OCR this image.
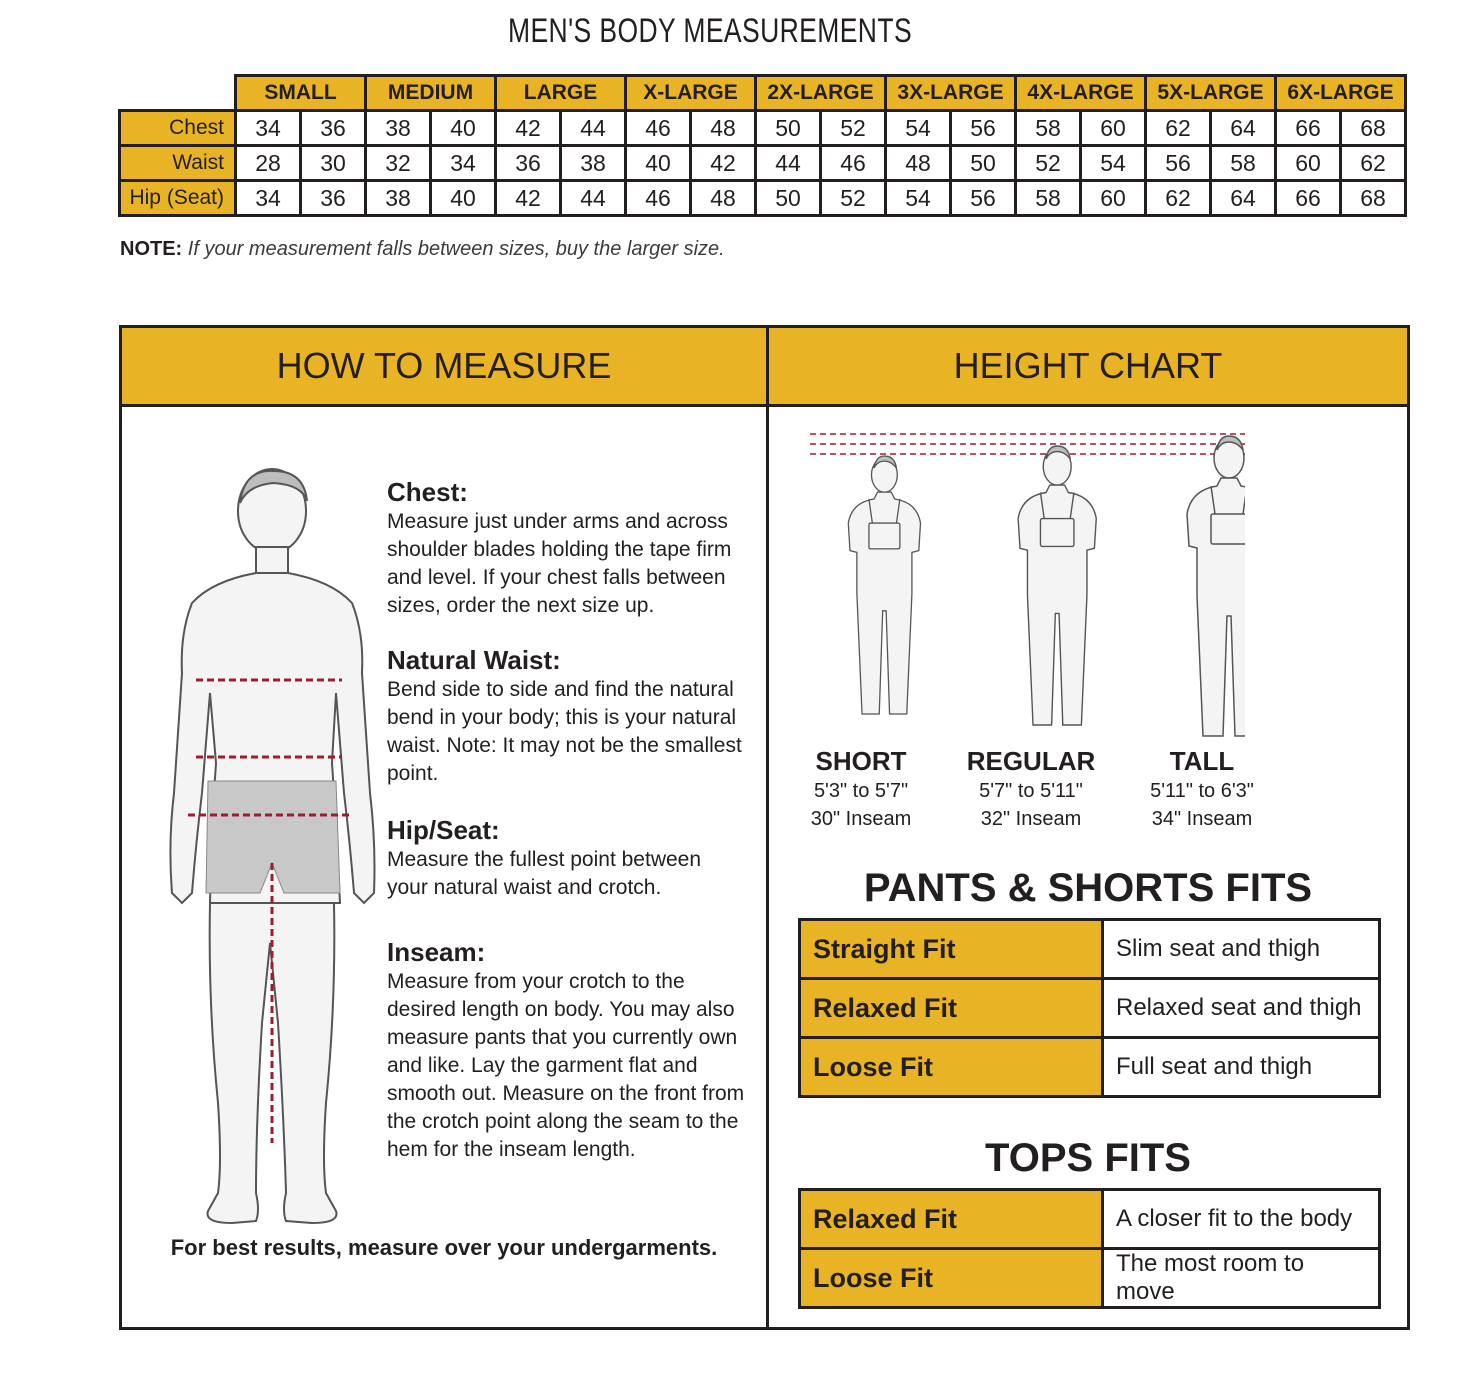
MEN'S BODY MEASUREMENTS
	SMALL		MEDIUM		LARGE		X-LARGE		2X-LARGE		3X-LARGE		4X-LARGE		5X-LARGE		6X-LARGE	
Chest	34	36	38	40	42	44	46	48	50	52	54	56	58	60	62	64	66	68
Waist	28	30	32	34	36	38	40	42	44	46	48	50	52	54	56	58	60	62
Hip (Seat)	34	36	38	40	42	44	46	48	50	52	54	56	58	60	62	64	66	68
NOTE: If your measurement falls between sizes, buy the larger size.
HOW TO MEASURE	HEIGHT CHART
Chest:

Measure just under arms and across shoulder blades holding the tape firm and level. If your chest falls between sizes, order the next size up.

Natural Waist:

Bend side to side and find the natural bend in your body; this is your natural waist. Note: It may not be the smallest point.

Hip/Seat:

Measure the fullest point between your natural waist and crotch.

Inseam:

Measure from your crotch to the desired length on body. You may also measure pants that you currently own and like. Lay the garment flat and smooth out. Measure on the front from the crotch point along the seam to the hem for the inseam length.

For best results, measure over your undergarments.
SHORT
5'3" to 5'7"
30" Inseam
REGULAR
5'7" to 5'11"
32" Inseam
TALL
5'11" to 6'3"
34" Inseam
PANTS & SHORTS FITS
Straight Fit	Slim seat and thigh
Relaxed Fit	Relaxed seat and thigh
Loose Fit	Full seat and thigh
TOPS FITS
Relaxed Fit	A closer fit to the body
Loose Fit	The most room to move
